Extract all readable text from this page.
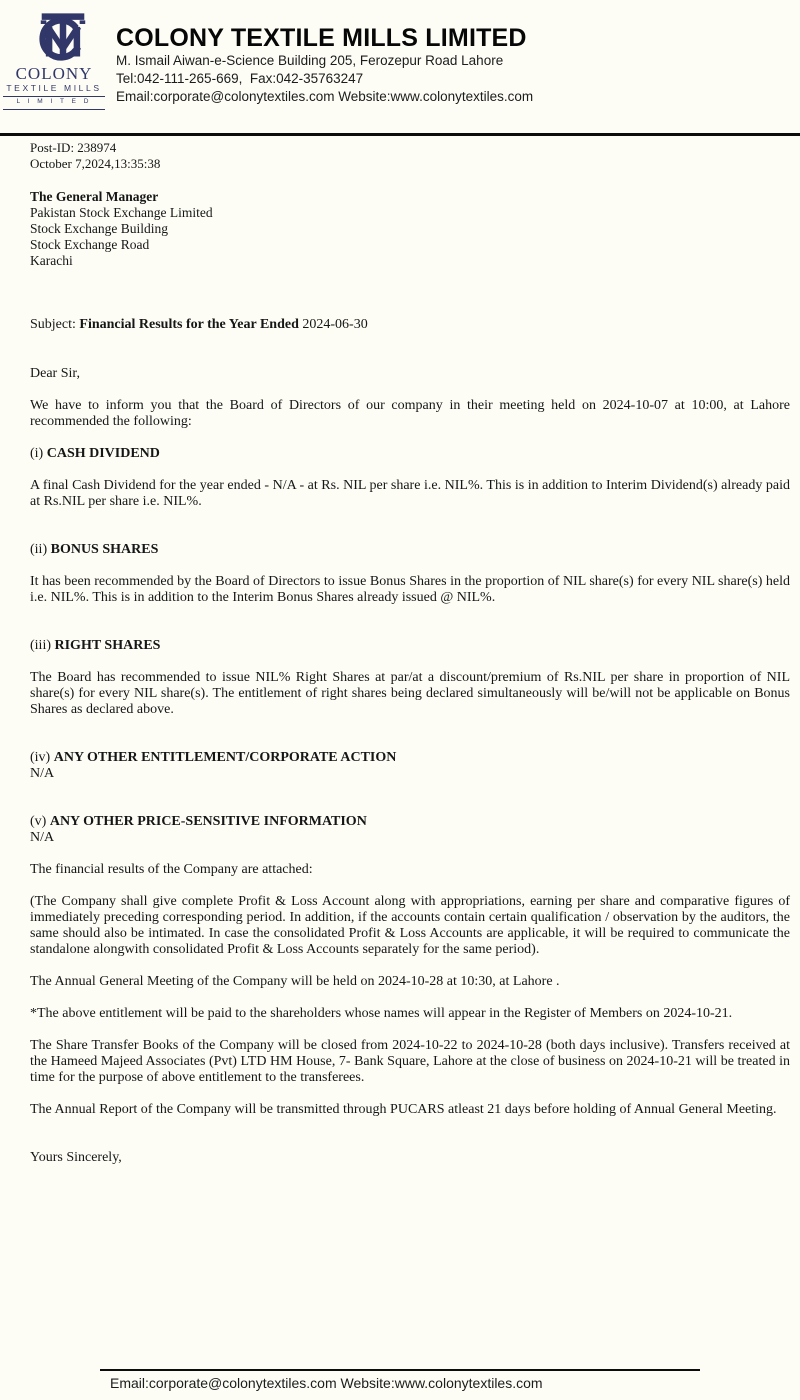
COLONY
TEXTILE MILLS
L I M I T E D
COLONY TEXTILE MILLS LIMITED
M. Ismail Aiwan-e-Science Building 205, Ferozepur Road Lahore
Tel:042-111-265-669,  Fax:042-35763247
Email:corporate@colonytextiles.com Website:www.colonytextiles.com
Post-ID: 238974
October 7,2024,13:35:38
The General Manager
Pakistan Stock Exchange Limited
Stock Exchange Building
Stock Exchange Road
Karachi
Subject: Financial Results for the Year Ended 2024-06-30
Dear Sir,

We have to inform you that the Board of Directors of our company in their meeting held on 2024-10-07 at 10:00, at Lahore recommended the following:

(i) CASH DIVIDEND

A final Cash Dividend for the year ended - N/A - at Rs. NIL per share i.e. NIL%. This is in addition to Interim Dividend(s) already paid at Rs.NIL per share i.e. NIL%.

(ii) BONUS SHARES

It has been recommended by the Board of Directors to issue Bonus Shares in the proportion of NIL share(s) for every NIL share(s) held i.e. NIL%. This is in addition to the Interim Bonus Shares already issued @ NIL%.

(iii) RIGHT SHARES

The Board has recommended to issue NIL% Right Shares at par/at a discount/premium of Rs.NIL per share in proportion of NIL share(s) for every NIL share(s). The entitlement of right shares being declared simultaneously will be/will not be applicable on Bonus Shares as declared above.

(iv) ANY OTHER ENTITLEMENT/CORPORATE ACTION

N/A

(v) ANY OTHER PRICE-SENSITIVE INFORMATION

N/A

The financial results of the Company are attached:

(The Company shall give complete Profit & Loss Account along with appropriations, earning per share and comparative figures of immediately preceding corresponding period. In addition, if the accounts contain certain qualification / observation by the auditors, the same should also be intimated. In case the consolidated Profit & Loss Accounts are applicable, it will be required to communicate the standalone alongwith consolidated Profit & Loss Accounts separately for the same period).

The Annual General Meeting of the Company will be held on 2024-10-28 at 10:30, at Lahore .

*The above entitlement will be paid to the shareholders whose names will appear in the Register of Members on 2024-10-21.

The Share Transfer Books of the Company will be closed from 2024-10-22 to 2024-10-28 (both days inclusive). Transfers received at the Hameed Majeed Associates (Pvt) LTD HM House, 7- Bank Square, Lahore at the close of business on 2024-10-21 will be treated in time for the purpose of above entitlement to the transferees.

The Annual Report of the Company will be transmitted through PUCARS atleast 21 days before holding of Annual General Meeting.

Yours Sincerely,
Email:corporate@colonytextiles.com Website:www.colonytextiles.com
